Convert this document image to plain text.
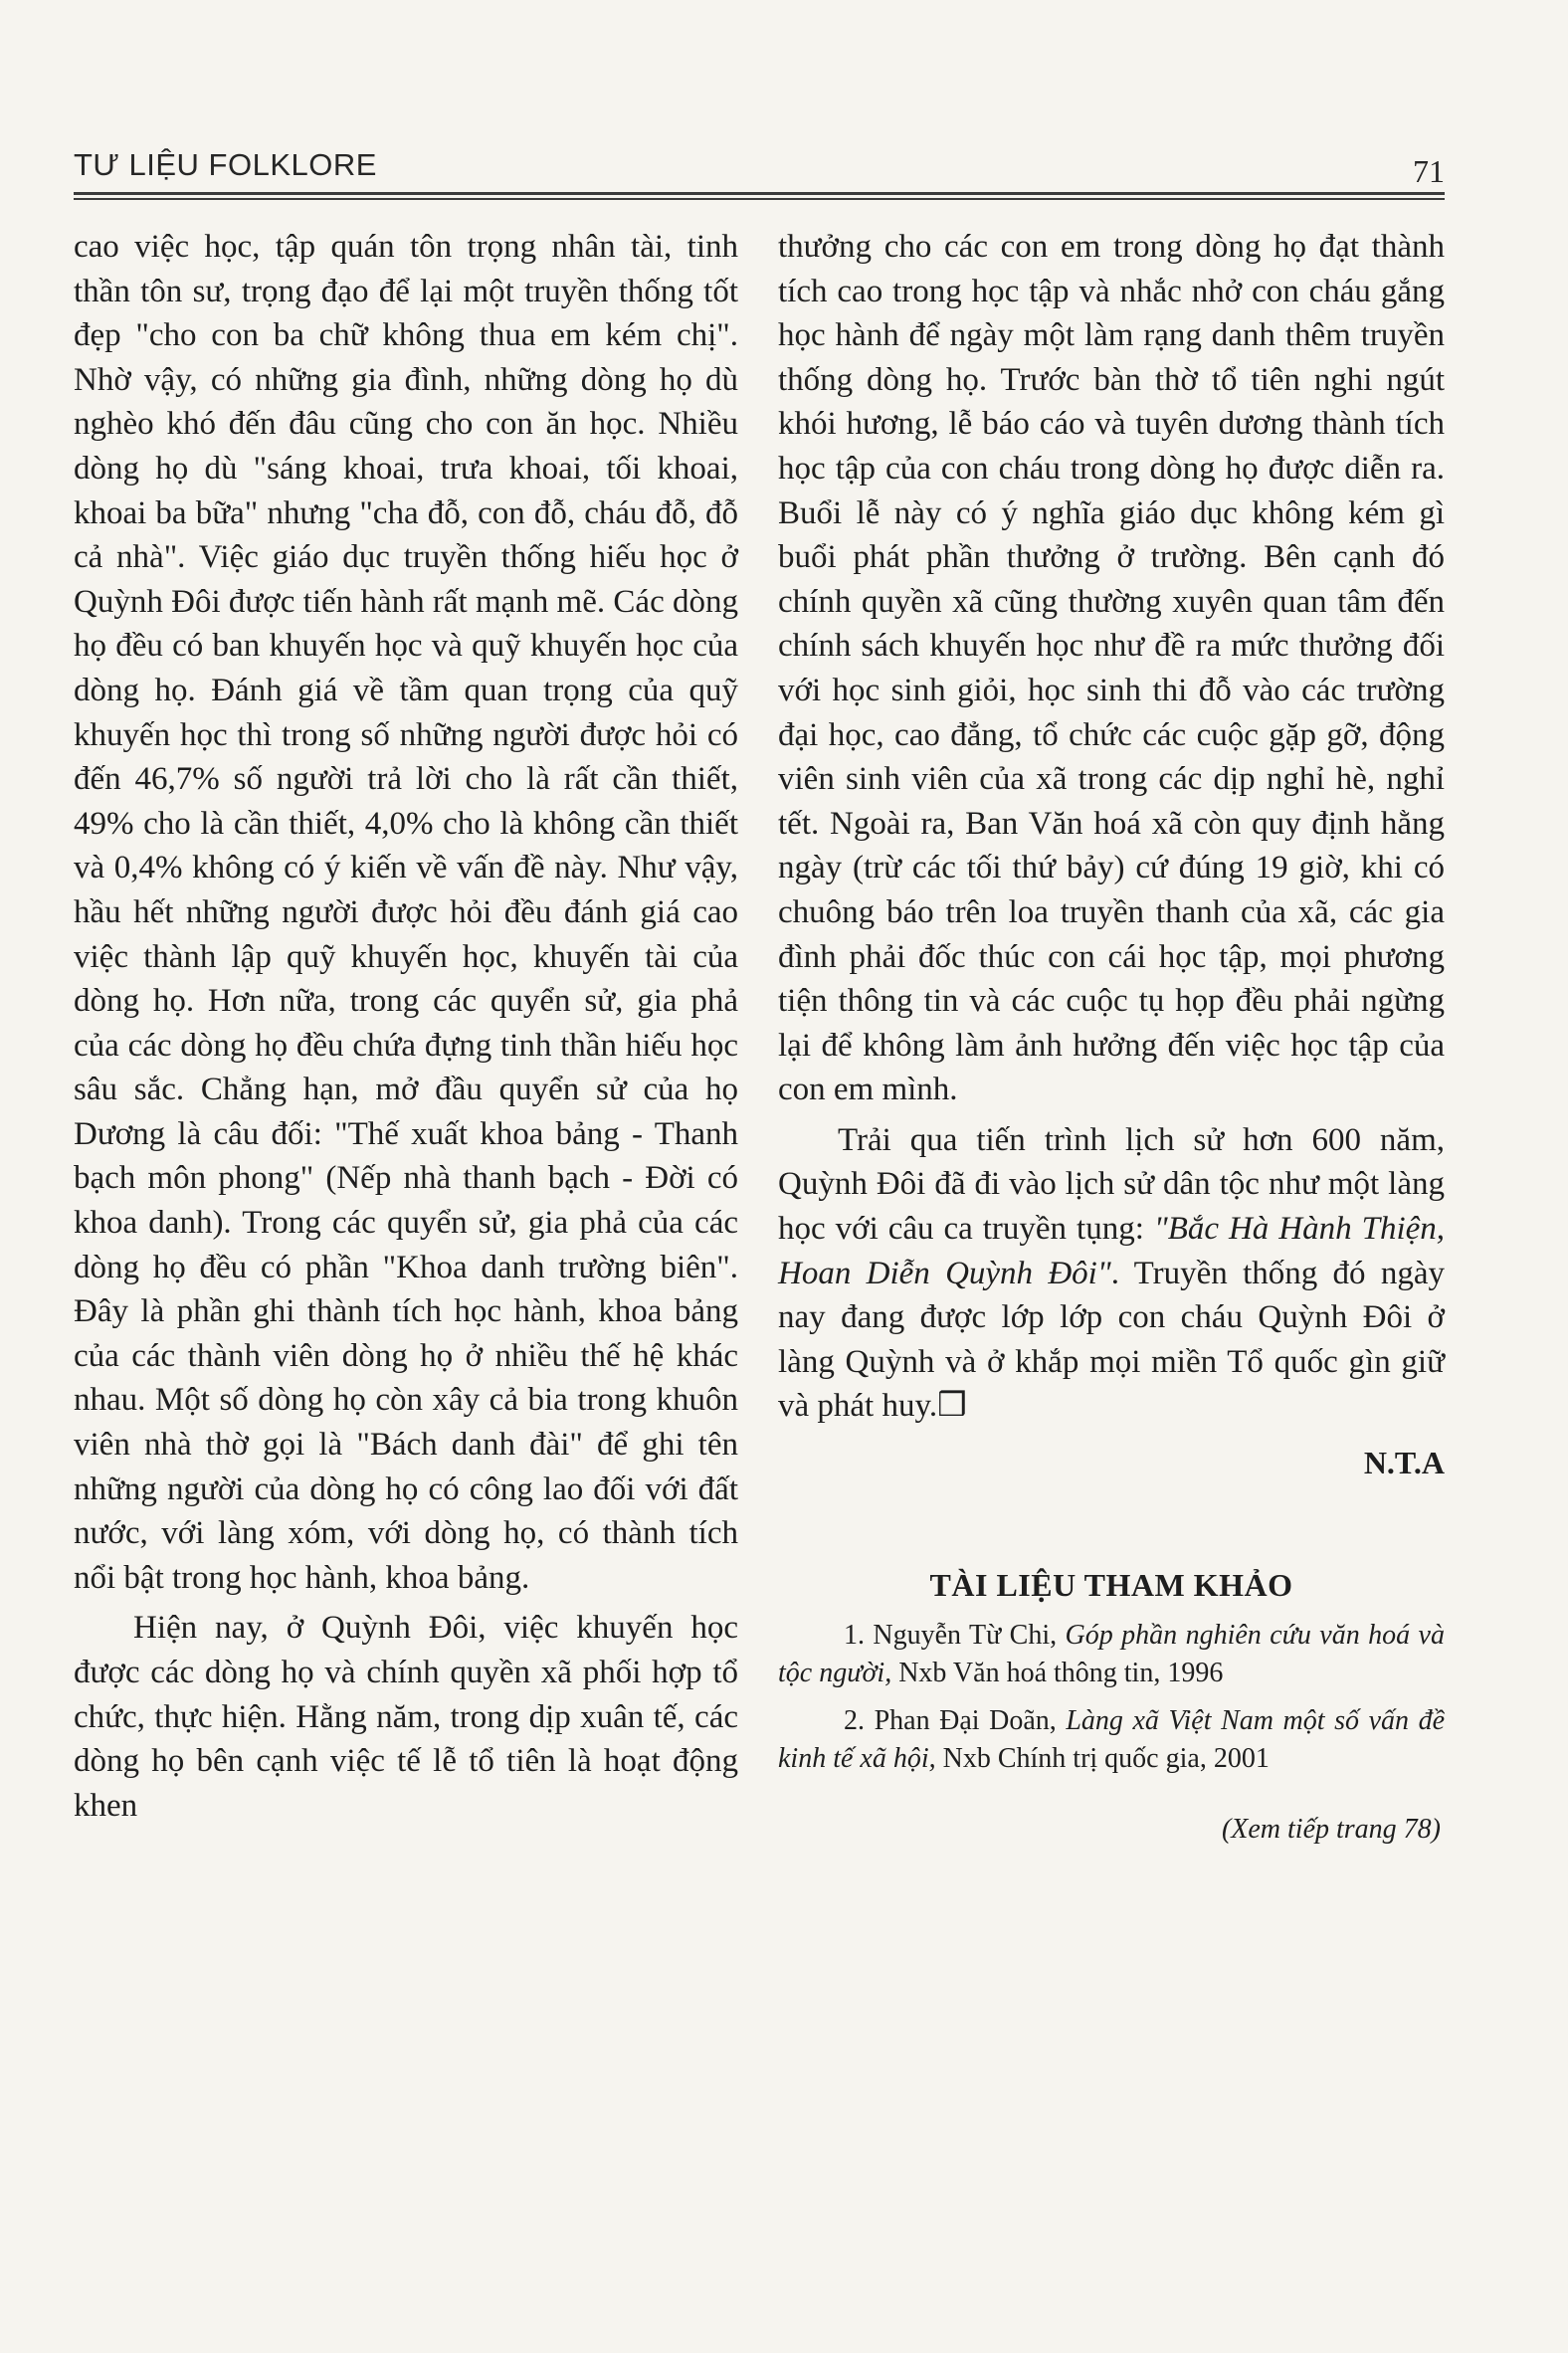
TƯ LIỆU FOLKLORE	71

cao việc học, tập quán tôn trọng nhân tài, tinh thần tôn sư, trọng đạo để lại một truyền thống tốt đẹp "cho con ba chữ không thua em kém chị". Nhờ vậy, có những gia đình, những dòng họ dù nghèo khó đến đâu cũng cho con ăn học. Nhiều dòng họ dù "sáng khoai, trưa khoai, tối khoai, khoai ba bữa" nhưng "cha đỗ, con đỗ, cháu đỗ, đỗ cả nhà". Việc giáo dục truyền thống hiếu học ở Quỳnh Đôi được tiến hành rất mạnh mẽ. Các dòng họ đều có ban khuyến học và quỹ khuyến học của dòng họ. Đánh giá về tầm quan trọng của quỹ khuyến học thì trong số những người được hỏi có đến 46,7% số người trả lời cho là rất cần thiết, 49% cho là cần thiết, 4,0% cho là không cần thiết và 0,4% không có ý kiến về vấn đề này. Như vậy, hầu hết những người được hỏi đều đánh giá cao việc thành lập quỹ khuyến học, khuyến tài của dòng họ. Hơn nữa, trong các quyển sử, gia phả của các dòng họ đều chứa đựng tinh thần hiếu học sâu sắc. Chẳng hạn, mở đầu quyển sử của họ Dương là câu đối: "Thế xuất khoa bảng - Thanh bạch môn phong" (Nếp nhà thanh bạch - Đời có khoa danh). Trong các quyển sử, gia phả của các dòng họ đều có phần "Khoa danh trường biên". Đây là phần ghi thành tích học hành, khoa bảng của các thành viên dòng họ ở nhiều thế hệ khác nhau. Một số dòng họ còn xây cả bia trong khuôn viên nhà thờ gọi là "Bách danh đài" để ghi tên những người của dòng họ có công lao đối với đất nước, với làng xóm, với dòng họ, có thành tích nổi bật trong học hành, khoa bảng.

Hiện nay, ở Quỳnh Đôi, việc khuyến học được các dòng họ và chính quyền xã phối hợp tổ chức, thực hiện. Hằng năm, trong dịp xuân tế, các dòng họ bên cạnh việc tế lễ tổ tiên là hoạt động khen

thưởng cho các con em trong dòng họ đạt thành tích cao trong học tập và nhắc nhở con cháu gắng học hành để ngày một làm rạng danh thêm truyền thống dòng họ. Trước bàn thờ tổ tiên nghi ngút khói hương, lễ báo cáo và tuyên dương thành tích học tập của con cháu trong dòng họ được diễn ra. Buổi lễ này có ý nghĩa giáo dục không kém gì buổi phát phần thưởng ở trường. Bên cạnh đó chính quyền xã cũng thường xuyên quan tâm đến chính sách khuyến học như đề ra mức thưởng đối với học sinh giỏi, học sinh thi đỗ vào các trường đại học, cao đẳng, tổ chức các cuộc gặp gỡ, động viên sinh viên của xã trong các dịp nghỉ hè, nghỉ tết. Ngoài ra, Ban Văn hoá xã còn quy định hằng ngày (trừ các tối thứ bảy) cứ đúng 19 giờ, khi có chuông báo trên loa truyền thanh của xã, các gia đình phải đốc thúc con cái học tập, mọi phương tiện thông tin và các cuộc tụ họp đều phải ngừng lại để không làm ảnh hưởng đến việc học tập của con em mình.

Trải qua tiến trình lịch sử hơn 600 năm, Quỳnh Đôi đã đi vào lịch sử dân tộc như một làng học với câu ca truyền tụng: "Bắc Hà Hành Thiện, Hoan Diễn Quỳnh Đôi". Truyền thống đó ngày nay đang được lớp lớp con cháu Quỳnh Đôi ở làng Quỳnh và ở khắp mọi miền Tổ quốc gìn giữ và phát huy.❒

N.T.A
TÀI LIỆU THAM KHẢO
1. Nguyễn Từ Chi, Góp phần nghiên cứu văn hoá và tộc người, Nxb Văn hoá thông tin, 1996
2. Phan Đại Doãn, Làng xã Việt Nam một số vấn đề kinh tế xã hội, Nxb Chính trị quốc gia, 2001
(Xem tiếp trang 78)
